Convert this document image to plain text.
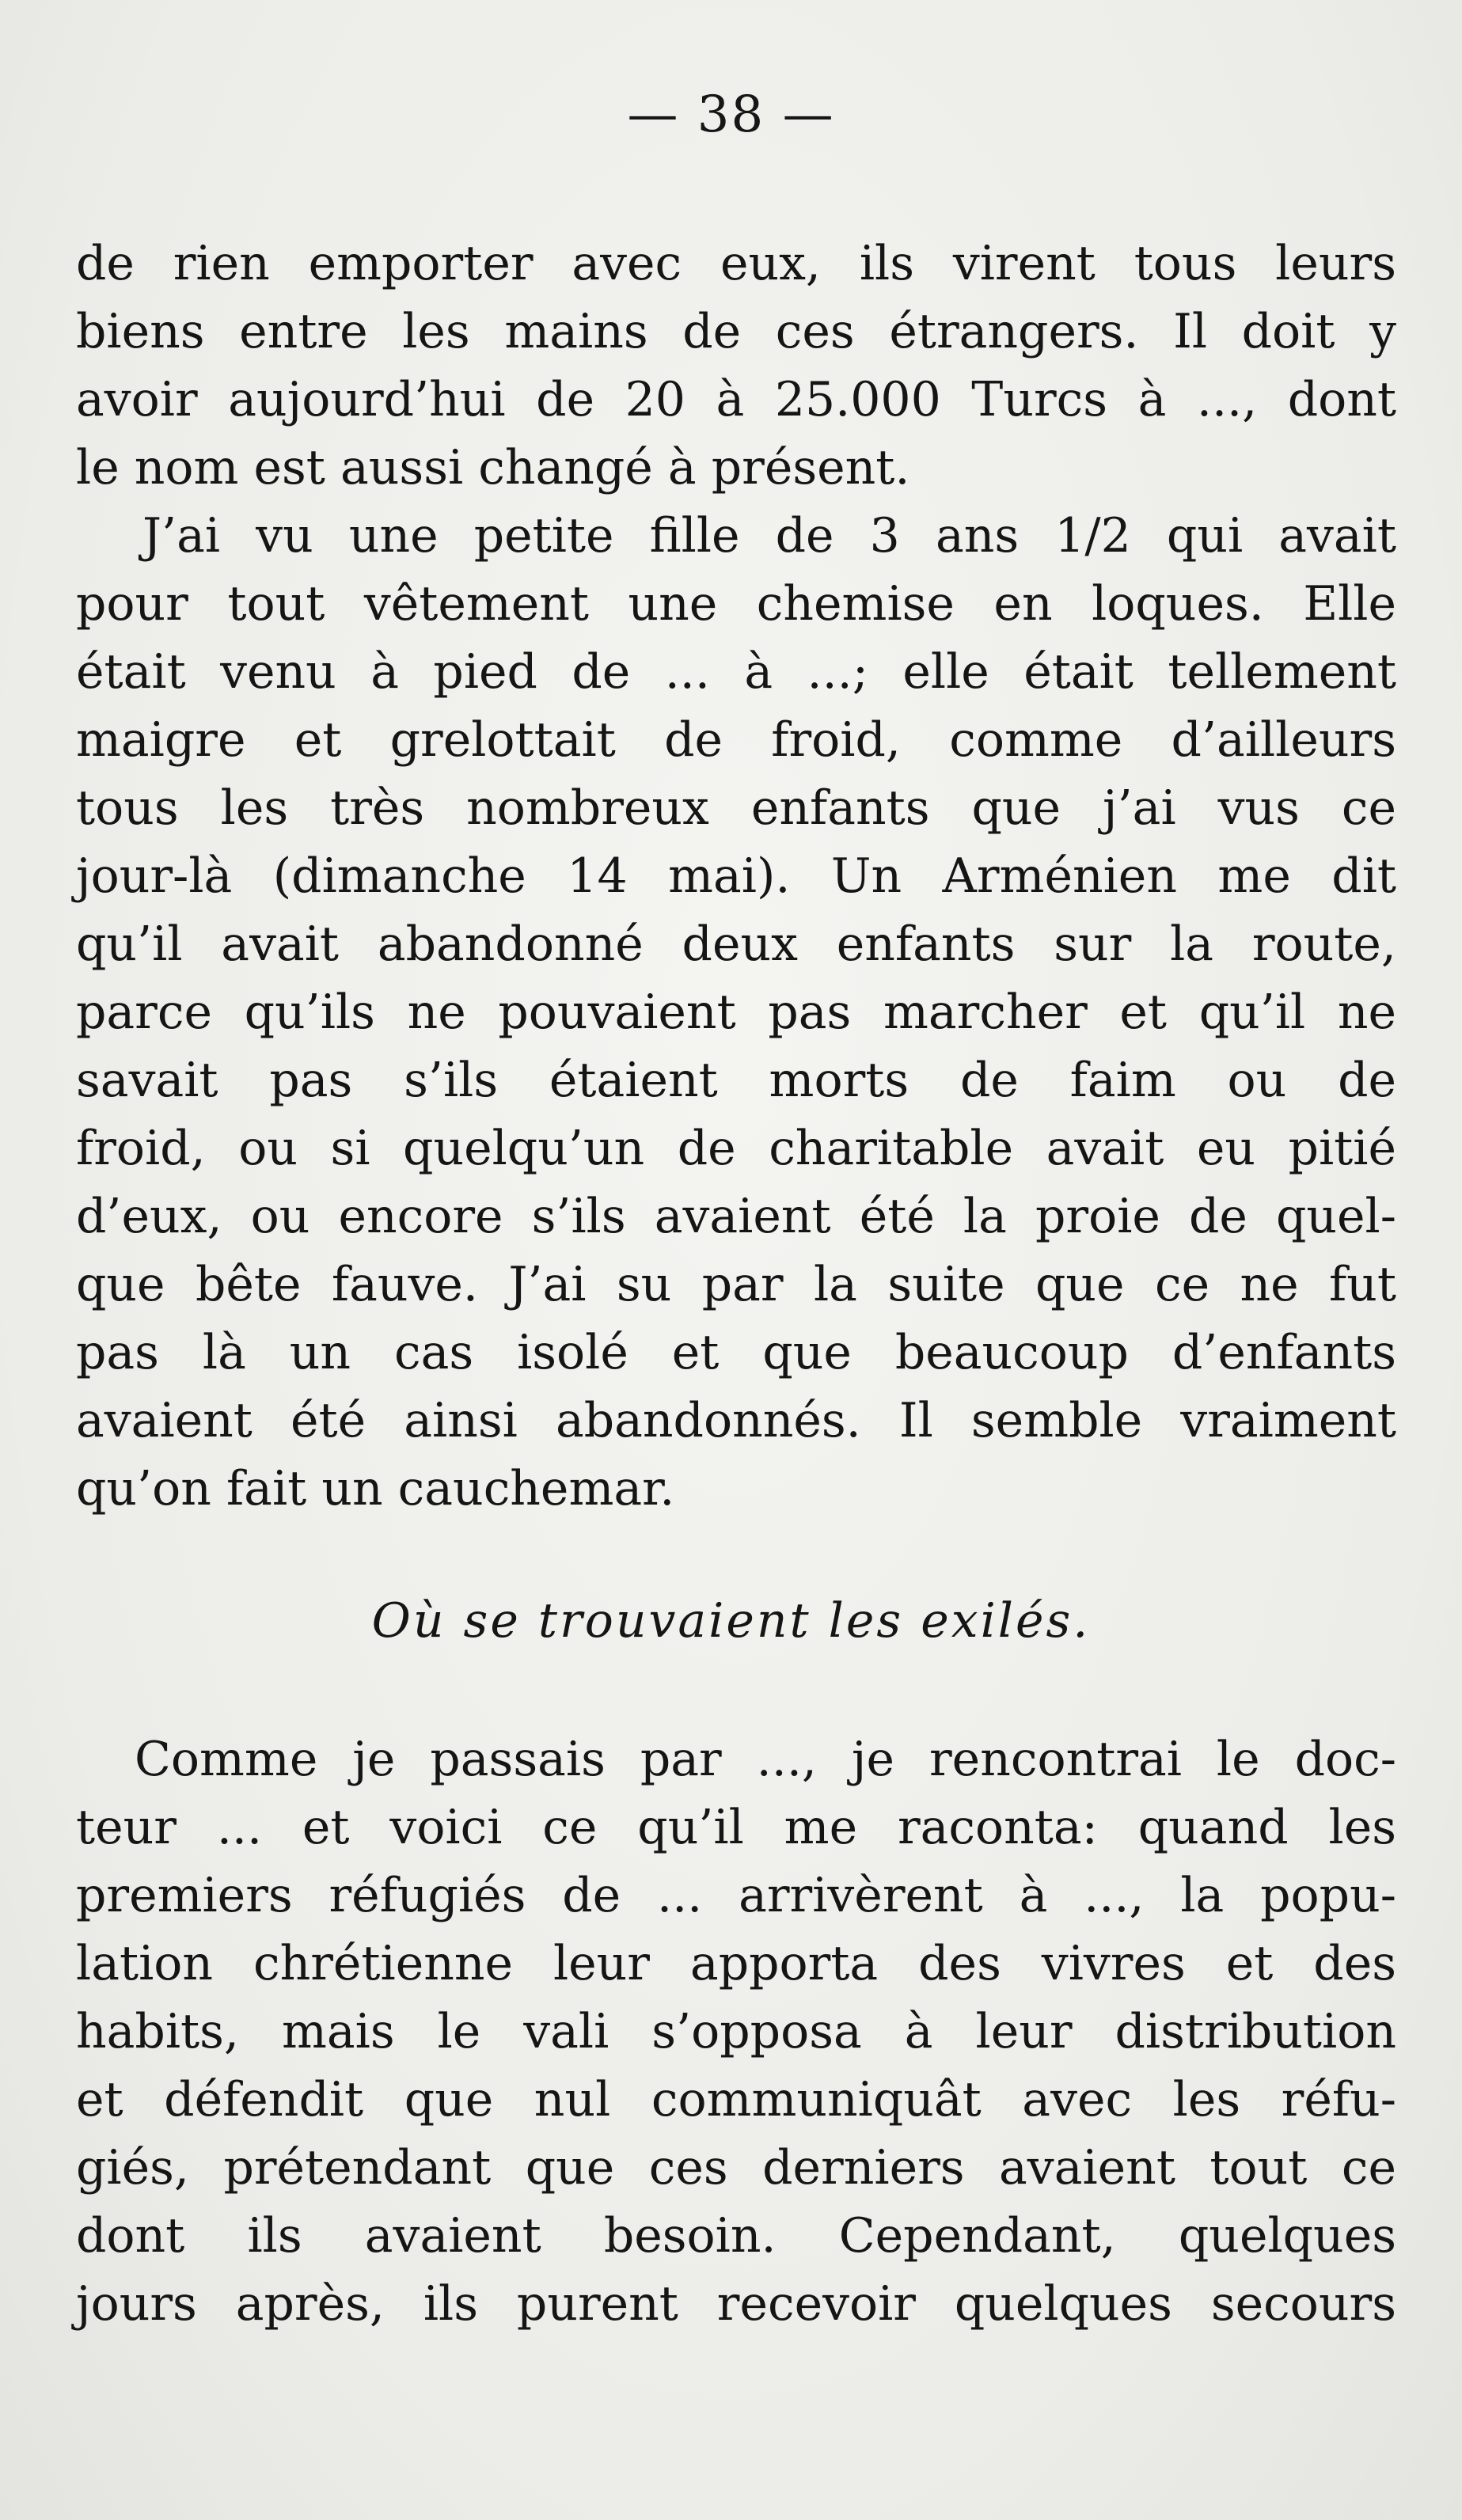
— 38 —
de rien emporter avec eux, ils virent tous leurs
biens entre les mains de ces étrangers. Il doit y
avoir aujourd’hui de 20 à 25.000 Turcs à ..., dont
le nom est aussi changé à présent.
J’ai vu une petite fille de 3 ans 1/2 qui avait
pour tout vêtement une chemise en loques. Elle
était venu à pied de ... à ...; elle était tellement
maigre et grelottait de froid, comme d’ailleurs
tous les très nombreux enfants que j’ai vus ce
jour-là (dimanche 14 mai). Un Arménien me dit
qu’il avait abandonné deux enfants sur la route,
parce qu’ils ne pouvaient pas marcher et qu’il ne
savait pas s’ils étaient morts de faim ou de
froid, ou si quelqu’un de charitable avait eu pitié
d’eux, ou encore s’ils avaient été la proie de quel-
que bête fauve. J’ai su par la suite que ce ne fut
pas là un cas isolé et que beaucoup d’enfants
avaient été ainsi abandonnés. Il semble vraiment
qu’on fait un cauchemar.
Où se trouvaient les exilés.
Comme je passais par ..., je rencontrai le doc-
teur ... et voici ce qu’il me raconta: quand les
premiers réfugiés de ... arrivèrent à ..., la popu-
lation chrétienne leur apporta des vivres et des
habits, mais le vali s’opposa à leur distribution
et défendit que nul communiquât avec les réfu-
giés, prétendant que ces derniers avaient tout ce
dont ils avaient besoin. Cependant, quelques
jours après, ils purent recevoir quelques secours
